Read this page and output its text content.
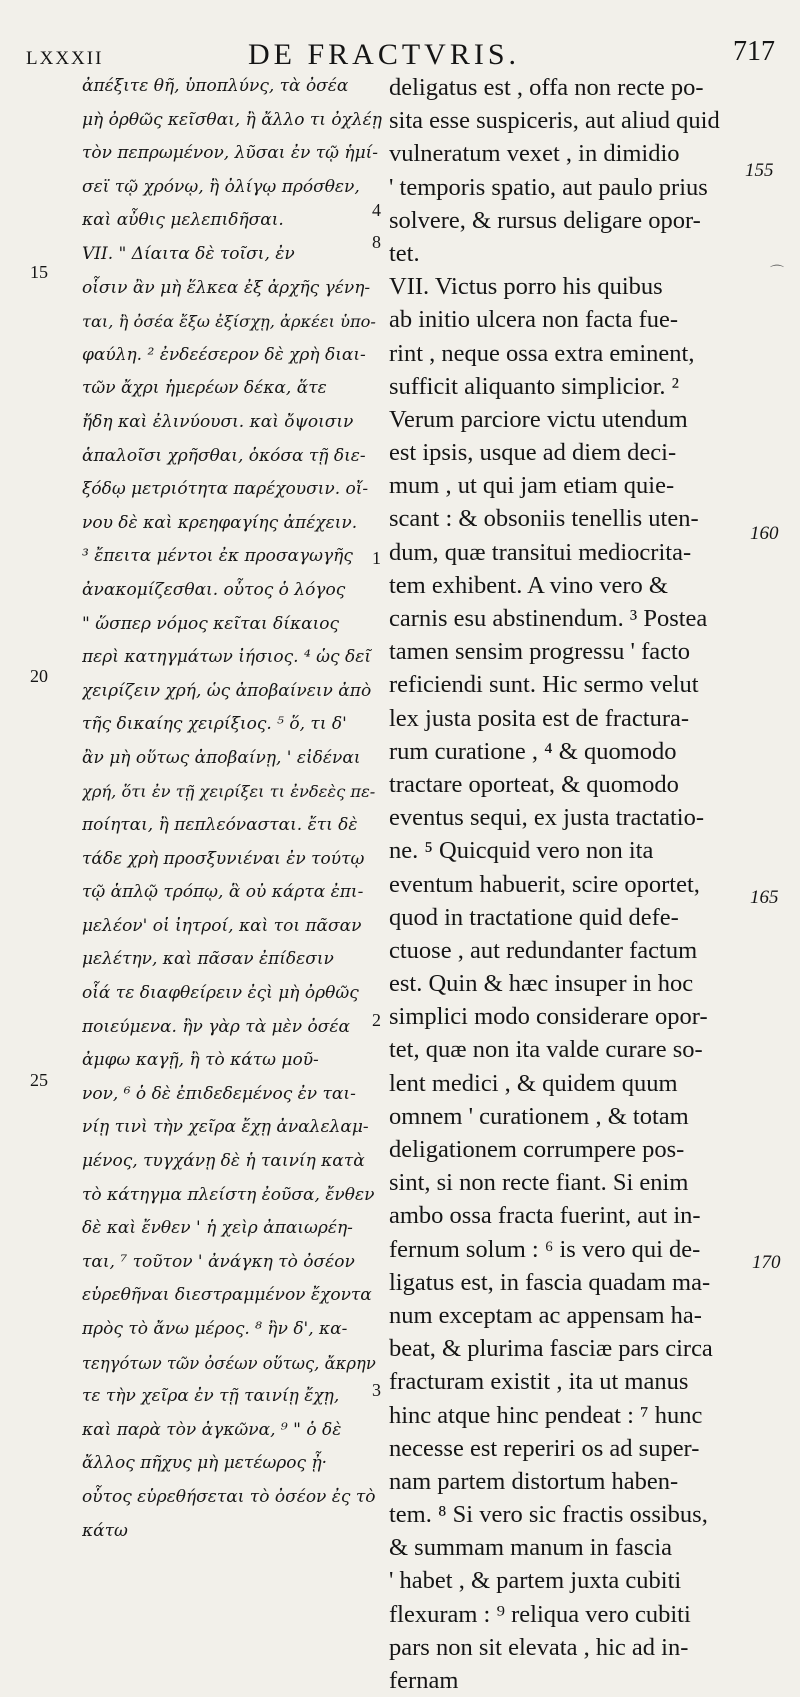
LXXXII	DE FRACTVRIS.	717
ἀπέξιτε θῆ, ὑποπλύνς, τὰ ὀσέα
μὴ ὀρθῶς κεῖσθαι, ἢ ἄλλο τι ὀχλέῃ
τὸν πεπρωμένον, λῦσαι ἐν τῷ ἡμί-
σεϊ τῷ χρόνῳ, ἢ ὀλίγῳ πρόσθεν,
καὶ αὖθις μελεπιδῆσαι.
VII. " Δίαιτα δὲ τοῖσι, ἐν
οἷσιν ἂν μὴ ἕλκεα ἐξ ἀρχῆς γένη-
ται, ἢ ὀσέα ἔξω ἐξίσχῃ, ἀρκέει ὑπο-
φαύλη. ² ἐνδεέσερον δὲ χρὴ διαι-
τῶν ἄχρι ἡμερέων δέκα, ἅτε
ἤδη καὶ ἐλινύουσι. καὶ ὄψοισιν
ἁπαλοῖσι χρῆσθαι, ὁκόσα τῇ διε-
ξόδῳ μετριότητα παρέχουσιν. οἴ-
νου δὲ καὶ κρεηφαγίης ἀπέχειν.
³ ἔπειτα μέντοι ἐκ προσαγωγῆς
ἀνακομίζεσθαι. οὗτος ὁ λόγος
" ὥσπερ νόμος κεῖται δίκαιος
περὶ κατηγμάτων ἰήσιος. ⁴ ὡς δεῖ
χειρίζειν χρή, ὡς ἀποβαίνειν ἀπὸ
τῆς δικαίης χειρίξιος. ⁵ ὅ, τι δ'
ἂν μὴ οὕτως ἀποβαίνῃ, ' εἰδέναι
χρή, ὅτι ἐν τῇ χειρίξει τι ἐνδεὲς πε-
ποίηται, ἢ πεπλεόνασται. ἔτι δὲ
τάδε χρὴ προσξυνιέναι ἐν τούτῳ
τῷ ἁπλῷ τρόπῳ, ἃ οὐ κάρτα ἐπι-
μελέον' οἱ ἰητροί, καὶ τοι πᾶσαν
μελέτην, καὶ πᾶσαν ἐπίδεσιν
οἷά τε διαφθείρειν ἐςὶ μὴ ὀρθῶς
ποιεύμενα. ἢν γὰρ τὰ μὲν ὀσέα
ἀμφω καγῇ, ἢ τὸ κάτω μοῦ-
νον, ⁶ ὁ δὲ ἐπιδεδεμένος ἐν ται-
νίῃ τινὶ τὴν χεῖρα ἔχῃ ἀναλελαμ-
μένος, τυγχάνῃ δὲ ἡ ταινίη κατὰ
τὸ κάτηγμα πλείστη ἐοῦσα, ἔνθεν
δὲ καὶ ἔνθεν ' ἡ χεὶρ ἀπαιωρέη-
ται, ⁷ τοῦτον ' ἀνάγκη τὸ ὀσέον
εὑρεθῆναι διεστραμμένον ἔχοντα
πρὸς τὸ ἄνω μέρος. ⁸ ἢν δ', κα-
τεηγότων τῶν ὀσέων οὕτως, ἄκρην
τε τὴν χεῖρα ἐν τῇ ταινίῃ ἔχῃ,
καὶ παρὰ τὸν ἀγκῶνα, ⁹ " ὁ δὲ
ἄλλος πῆχυς μὴ μετέωρος ᾖ·
οὗτος εὑρεθήσεται τὸ ὀσέον ἐς τὸ
κάτω
deligatus est , offa non recte po-
sita esse suspiceris, aut aliud quid
vulneratum vexet , in dimidio
' temporis spatio, aut paulo prius
solvere, & rursus deligare opor-
tet.
VII. Victus porro his quibus
ab initio ulcera non facta fue-
rint , neque ossa extra eminent,
sufficit aliquanto simplicior. ²
Verum parciore victu utendum
est ipsis, usque ad diem deci-
mum , ut qui jam etiam quie-
scant : & obsoniis tenellis uten-
dum, quæ transitui mediocrita-
tem exhibent. A vino vero &
carnis esu abstinendum. ³ Postea
tamen sensim progressu ' facto
reficiendi sunt. Hic sermo velut
lex justa posita est de fractura-
rum curatione , ⁴ & quomodo
tractare oporteat, & quomodo
eventus sequi, ex justa tractatio-
ne. ⁵ Quicquid vero non ita
eventum habuerit, scire oportet,
quod in tractatione quid defe-
ctuose , aut redundanter factum
est. Quin & hæc insuper in hoc
simplici modo considerare opor-
tet, quæ non ita valde curare so-
lent medici , & quidem quum
omnem ' curationem , & totam
deligationem corrumpere pos-
sint, si non recte fiant. Si enim
ambo ossa fracta fuerint, aut in-
fernum solum : ⁶ is vero qui de-
ligatus est, in fascia quadam ma-
num exceptam ac appensam ha-
beat, & plurima fasciæ pars circa
fracturam existit , ita ut manus
hinc atque hinc pendeat : ⁷ hunc
necesse est reperiri os ad super-
nam partem distortum haben-
tem. ⁸ Si vero sic fractis ossibus,
& summam manum in fascia
' habet , & partem juxta cubiti
flexuram : ⁹ reliqua vero cubiti
pars non sit elevata , hic ad in-
fernam
15
20
25
4
8
1
2
3
155
160
165
170
⌒
